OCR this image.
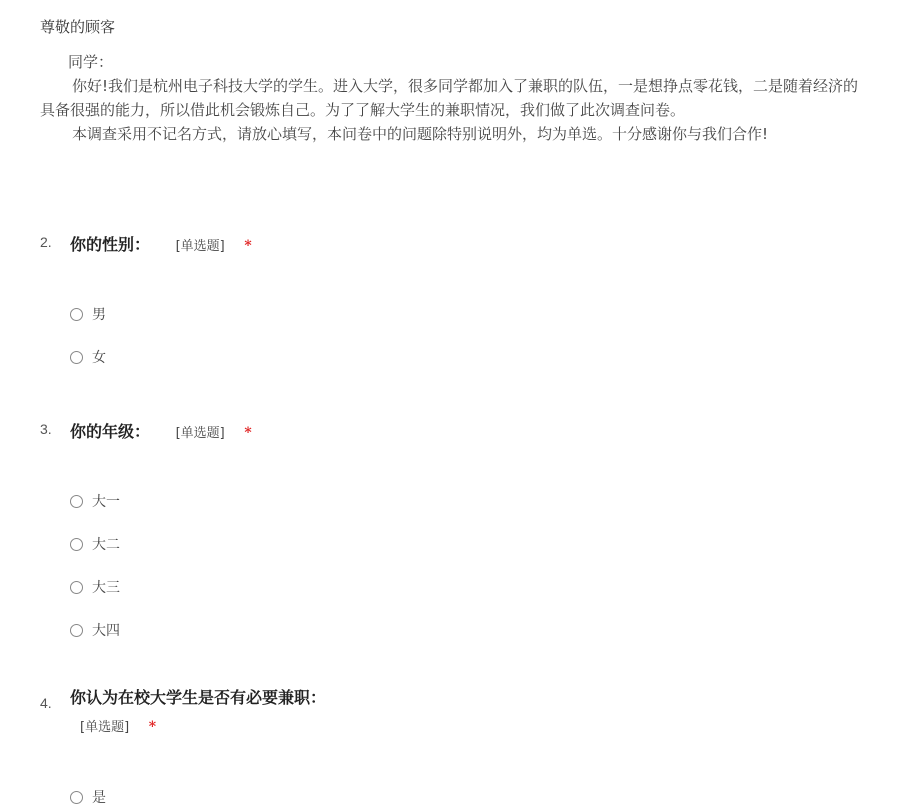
尊敬的顾客
同学：
你好!我们是杭州电子科技大学的学生。进入大学，很多同学都加入了兼职的队伍，一是想挣点零花钱，二是随着经济的
具备很强的能力，所以借此机会锻炼自己。为了了解大学生的兼职情况，我们做了此次调查问卷。
本调查采用不记名方式，请放心填写，本问卷中的问题除特别说明外，均为单选。十分感谢你与我们合作!
2. 你的性别： [单选题] *
男
女
3. 你的年级： [单选题] *
大一
大二
大三
大四
4. 你认为在校大学生是否有必要兼职：
[单选题] *
是
